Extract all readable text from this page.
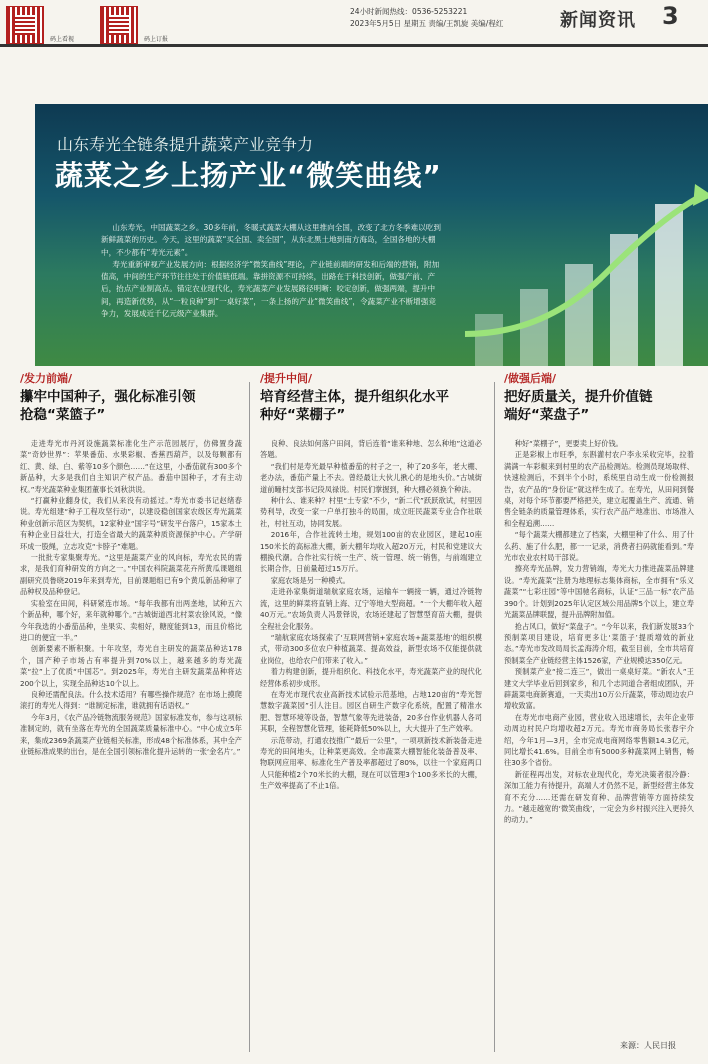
码上看视	码上订报
24小时新闻热线：0536-5253221
2023年5月5日 星期五 责编/王凯旋 美编/程红	新闻资讯 3
山东寿光全链条提升蔬菜产业竞争力
蔬菜之乡上扬产业“微笑曲线”

山东寿光，中国蔬菜之乡。30多年前，冬暖式蔬菜大棚从这里推向全国，改变了北方冬季难以吃到新鲜蔬菜的历史。今天，这里的蔬菜“买全国、卖全国”，从东北黑土地到南方海岛，全国各地的大棚中，不少都有“寿光元素”。

寿光重新审视产业发展方向：根据经济学“微笑曲线”理论，产业链前端的研发和后端的营销，附加值高，中间的生产环节往往处于价值链低端。靠拼资源不可持续，出路在于科技创新，做强产前、产后，抬点产业制高点。锚定农业现代化，寿光蔬菜产业发展路径明晰：咬定创新，做强两端，提升中间，再造新优势，从“一粒良种”到“一桌好菜”，一条上扬的产业“微笑曲线”，令蔬菜产业不断增强竞争力，发展成近千亿元级产业集群。

/发力前端/
攥牢中国种子，强化标准引领
抢稳“菜篮子”

走进寿光市丹河设施蔬菜标准化生产示范园展厅，仿佛置身蔬菜“奇妙世界”：苹果番茄、水果彩椒、香蕉西葫芦，以及每颗都有红、黄、绿、白、紫等10多个颜色……“在这里，小番茄就有300多个新品种，大多是我们自主知识产权产品。番茄中国种子，才有主动权。”寿光蔬菜种业集团董事长刘秋洪说。

“打赢种业翻身仗，我们从来没有动摇过。”寿光市委书记赵绪春说。寿光组建“种子工程攻坚行动”，以建设稳创国家农级区寿光蔬菜种业创新示范区为契机，12家种业“国字号”研发平台落户，15家本土有种企业日益壮大，打造全省最大的蔬菜种质资源保护中心。产学研环成一股绳，立志攻克“卡脖子”难题。

一批批专家集聚寿光。“这里是蔬菜产业的风向标，寿光农民的需求，是我们育种研发的方向之一。”中国农科院蔬菜花卉所黄瓜课题组副研究员鲁晓2019年来到寿光，目前课题组已有9个黄瓜新品种审了品种权及品种登记。

实验室在田间，科研紧连市场。“每年我都有出两垄地，试种五六个新品种，哪个好，来年就种哪个。”古城街道西北村菜农徐风说，“像今年我选的小番茄品种，坐果实、卖相好，糖度能到13，而且价格比进口的便宜一半。”

创新要素不断积聚。十年攻坚，寿光自主研发的蔬菜品种达178个，国产种子市场占有率提升到70%以上，越来越多的寿光蔬菜“拉”上了优质“中国芯”。到2025年，寿光自主研发蔬菜品种将达200个以上，实现全品种达10个以上。

良种还需配良法。什么技术适用？有哪些操作规范？在市场上摸爬滚打的寿光人得到：“谁制定标准，谁就拥有话语权。”

今年3月，《农产品冷链物流服务规范》国家标准发布，参与这项标准制定的，就有坐落在寿光的全国蔬菜质量标准中心。“中心成立5年来，集成2369条蔬菜产业链相关标准，形成48个标准体系，其中全产业链标准成果的出台，是在全国引领标准化提升运转的一张‘金名片’。”

/提升中间/
培育经营主体，提升组织化水平
种好“菜棚子”

良种、良法如何落户田间，背后连着“谁来种地、怎么种地”这道必答题。

“我们村是寿光最早种植番茄的村子之一，种了20多年，老大棚、老办法，番茄产量上不去。曾经最让大伙儿揪心的是地头价。”古城街道前疃村支部书记段凤禄说。村民们掌握到，种大棚必须换个种法。

种什么、谁来种？村里“土专家”不少，“新二代”跃跃欲试，村里因势利导，改变一家一户单打独斗的局面，成立旺民蔬菜专业合作社联社，村社互动，协同发展。

2016年，合作社流转土地，规划100亩的农业园区，建起10座150米长的高标准大棚，新大棚年均收入超20万元，村民和党建议大棚换代潮。合作社实行统一生产、统一管理、统一销售，与前端建立长期合作，日前量超过15万斤。

家庭农场是另一种模式。

走进孙家集街道瑞航家庭农场，运输车一辆接一辆，通过冷链物流，这里的鲜菜将直销上海、辽宁等地大型商超。“一个大棚年收入超40万元。”农场负责人冯景铎说，农场还建起了智慧型育苗大棚，提供全程社会化服务。

“瑞航家庭农场探索了‘互联网营销+家庭农场+蔬菜基地’的组织模式，带动300多位农户种植蔬菜、提高效益，新型农场不仅能提供就业岗位，也给农户们带来了收入。”

着力构建创新，提升组织化、科技化水平，寿光蔬菜产业的现代化经营体系初步成形。

在寿光市现代农业高新技术试验示范基地，占地120亩的“寿光智慧数字蔬菜园”引人注目。园区自研生产数字化系统，配置了精准水肥、智慧环境等设备，智慧气象等先进装备，20多台作业机器人各司其职，全程智慧化管理，能耗降低50%以上，大大提升了生产效率。

示范带动，打通农技推广“最后一公里”，一项项新技术新装备走进寿光的田间地头，让种菜更高效。全市蔬菜大棚智能化装备普及率、物联网应用率、标准化生产普及率都超过了80%，以往一个家庭两口人只能种植2个70米长的大棚，现在可以管理3个100多米长的大棚，生产效率提高了不止1倍。

/做强后端/
把好质量关，提升价值链
端好“菜盘子”

种好“菜棚子”，更要卖上好价钱。

正是彩椒上市旺季，东斟灌村农户李永采收完毕，拉着满满一车彩椒来到村里的农产品检测站。检测员现场取样、快速检测后，不到半个小时，系统里自动生成一份检测报告，农产品的“身份证”就这样生成了。在寿光，从田间到餐桌，对每个环节都要严格把关，建立起覆盖生产、流通、销售全链条的质量管理体系，实行农产品产地准出、市场准入和全程追溯……

“每个蔬菜大棚都建立了档案，大棚里种了什么、用了什么药、施了什么肥，都一一记录，消费者扫码就能看到。”寿光市农业农村局干部说。

擦亮寿光品牌，发力营销端，寿光大力推进蔬菜品牌建设。“寿光蔬菜”注册为地理标志集体商标，全市拥有“乐义蔬菜”“七彩庄园”等中国驰名商标，认证“三品一标”农产品390个。计划到2025年认定区域公用品牌5个以上，建立寿光蔬菜品牌联盟，提升品牌附加值。

抢占风口，做好“菜盘子”。“今年以来，我们新发展33个预制菜项目建设，培育更多让‘菜篮子’提质增效的新业态。”寿光市发改局局长孟海涛介绍，截至目前，全市共培育预制菜全产业链经营主体1526家，产业规模达350亿元。

预制菜产业“接二连三”，做出一桌桌好菜。“新农人”王建文大学毕业后回到家乡，和几个志同道合者组成团队，开辟蔬菜电商新赛道，一天卖出10万公斤蔬菜，带动周边农户增收致富。

在寿光市电商产业园，营业收入迅速增长，去年企业带动周边村民户均增收超2万元。寿光市商务局长张春宇介绍，今年1月—3月，全市完成电商网络零售额14.3亿元，同比增长41.6%。目前全市有5000多种蔬菜网上销售，畅往30多个省份。

新征程再出发，对标农业现代化，寿光决策者很冷静：深加工能力有待提升，高端人才仍然不足，新型经营主体发育不充分……还需在研发育种、品牌营销等方面持续发力。“越走越宽的‘微笑曲线’，一定会为乡村振兴注入更持久的动力。”

来源：人民日报
